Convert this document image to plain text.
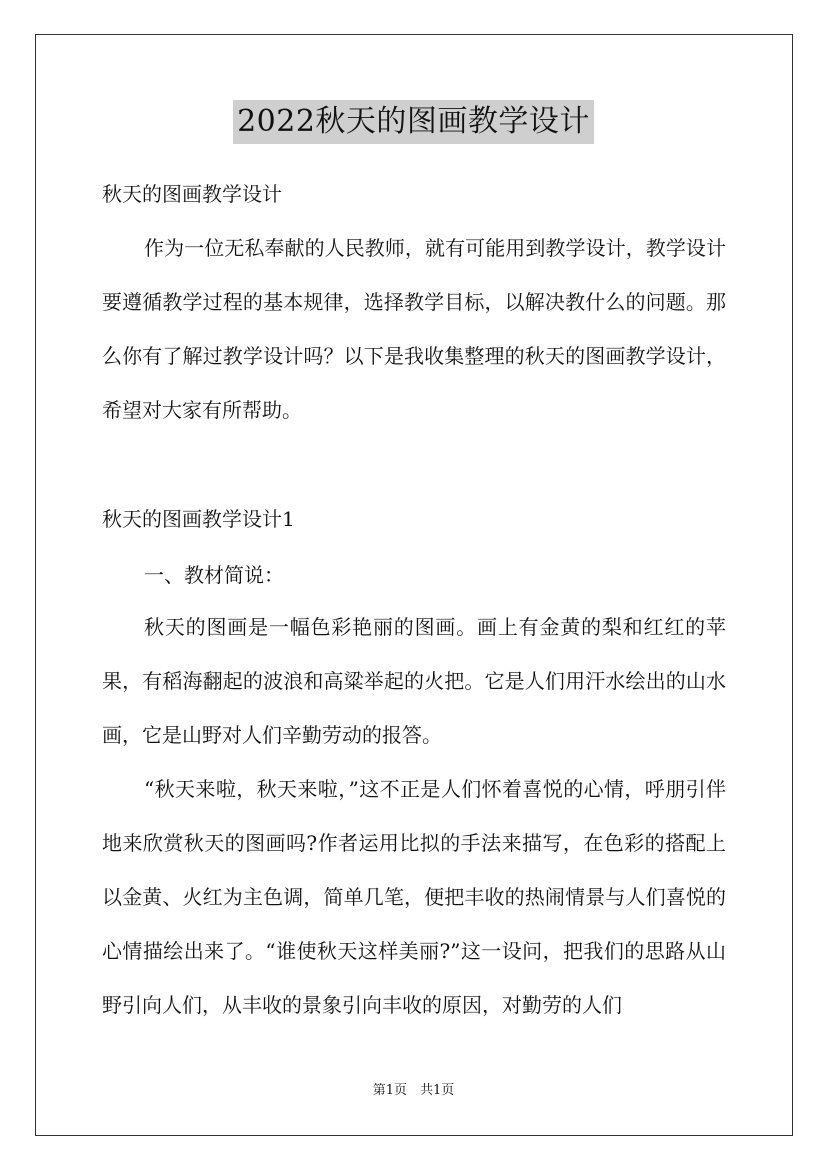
2022秋天的图画教学设计

秋天的图画教学设计

作为一位无私奉献的人民教师，就有可能用到教学设计，教学设计要遵循教学过程的基本规律，选择教学目标，以解决教什么的问题。那么你有了解过教学设计吗？以下是我收集整理的秋天的图画教学设计，希望对大家有所帮助。

秋天的图画教学设计1

一、教材简说：

秋天的图画是一幅色彩艳丽的图画。画上有金黄的梨和红红的苹果，有稻海翻起的波浪和高粱举起的火把。它是人们用汗水绘出的山水画，它是山野对人们辛勤劳动的报答。

“秋天来啦，秋天来啦，”这不正是人们怀着喜悦的心情，呼朋引伴地来欣赏秋天的图画吗?作者运用比拟的手法来描写，在色彩的搭配上以金黄、火红为主色调，简单几笔，便把丰收的热闹情景与人们喜悦的心情描绘出来了。“谁使秋天这样美丽?”这一设问，把我们的思路从山野引向人们，从丰收的景象引向丰收的原因，对勤劳的人们

第1页　共1页
